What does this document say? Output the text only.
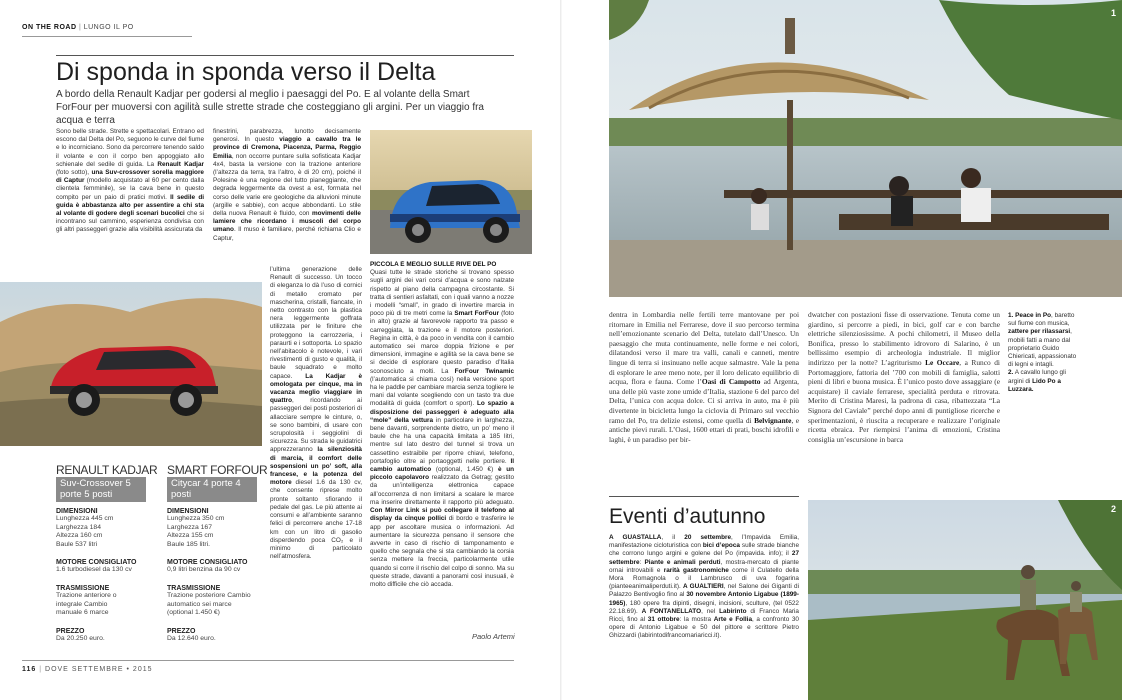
ON THE ROAD | LUNGO IL PO
Di sponda in sponda verso il Delta
A bordo della Renault Kadjar per godersi al meglio i paesaggi del Po. E al volante della Smart ForFour per muoversi con agilità sulle strette strade che costeggiano gli argini. Per un viaggio fra acqua e terra
Sono belle strade. Strette e spettacolari. Entrano ed escono dal Delta del Po, seguono le curve del fiume e lo incorniciano. Sono da percorrere tenendo saldo il volante e con il corpo ben appoggiato allo schienale del sedile di guida. La Renault Kadjar (foto sotto), una Suv-crossover sorella maggiore di Captur (modello acquistato al 60 per cento dalla clientela femminile), se la cava bene in questo compito per un paio di pratici motivi. Il sedile di guida è abbastanza alto per assentire a chi sta al volante di godere degli scenari bucolici che si incontrano sul cammino, esperienza condivisa con gli altri passeggeri grazie alla visibilità assicurata da
finestrini, parabrezza, lunotto decisamente generosi. In questo viaggio a cavallo tra le province di Cremona, Piacenza, Parma, Reggio Emilia, non occorre puntare sulla sofisticata Kadjar 4x4, basta la versione con la trazione anteriore (l’altezza da terra, tra l’altro, è di 20 cm), poiché il Polesine è una regione del tutto pianeggiante, che degrada leggermente da ovest a est, formata nel corso delle varie ere geologiche da alluvioni minute (argille e sabbie), con acque abbondanti. Lo stile della nuova Renault è fluido, con movimenti delle lamiere che ricordano i muscoli del corpo umano. Il muso è familiare, perché richiama Clio e Captur,
l’ultima generazione delle Renault di successo. Un tocco di eleganza lo dà l’uso di cornici di metallo cromato per mascherina, cristalli, fiancate, in netto contrasto con la plastica nera leggermente goffrata utilizzata per le finiture che proteggono la carrozzeria, i paraurti e i sottoporta. Lo spazio nell’abitacolo è notevole, i vari rivestimenti di gusto e qualità, il baule squadrato e molto capace. La Kadjar è omologata per cinque, ma in vacanza meglio viaggiare in quattro, ricordando ai passeggeri dei posti posteriori di allacciare sempre le cinture, o, se sono bambini, di usare con scrupolosità i seggiolini di sicurezza. Su strada le guidatrici apprezzeranno la silenziosità di marcia, il comfort delle sospensioni un po’ soft, alla francese, e la potenza del motore diesel 1.6 da 130 cv, che consente riprese molto pronte soltanto sfiorando il pedale del gas. Le più attente ai consumi e all’ambiente saranno felici di percorrere anche 17-18 km con un litro di gasolio disperdendo poca CO₂ e il minimo di particolato nell’atmosfera.
PICCOLA È MEGLIO SULLE RIVE DEL PO
Quasi tutte le strade storiche si trovano spesso sugli argini dei vari corsi d’acqua e sono nalzate rispetto al piano della campagna circostante. Si tratta di sentieri asfaltati, con i quali vanno a nozze i modelli “small”, in grado di invertire marcia in poco più di tre metri come la Smart ForFour (foto in alto) grazie al favorevole rapporto tra passo e carreggiata, la trazione e il motore posteriori. Regina in città, è da poco in vendita con il cambio automatico sei marce doppia frizione e per dimensioni, immagine e agilità se la cava bene se si decide di esplorare questo paradiso d’Italia sconosciuto a molti. La ForFour Twinamic (l’automatica si chiama così) nella versione sport ha le paddle per cambiare marcia senza togliere le mani dal volante scegliendo con un tasto tra due modalità di guida (comfort o sport). Lo spazio a disposizione dei passeggeri è adeguato alla “mole” della vettura in particolare in larghezza, bene davanti, sorprendente dietro, un po’ meno il baule che ha una capacità limitata a 185 litri, mentre sul lato destro del tunnel si trova un cassettino estraibile per riporre chiavi, telefono, portafoglio oltre ai portaoggetti nelle portiere. Il cambio automatico (optional, 1.450 €) è un piccolo capolavoro realizzato da Getrag; gestito da un’intelligenza elettronica capace all’occorrenza di non limitarsi a scalare le marce ma inserire direttamente il rapporto più adeguato. Con Mirror Link si può collegare il telefono al display da cinque pollici di bordo e trasferire le app per ascoltare musica o informazioni. Ad aumentare la sicurezza pensano il sensore che avverte in caso di rischio di tamponamento e quello che segnala che si sta cambiando la corsia senza mettere la freccia, particolarmente utile quando si corre il rischio del colpo di sonno. Ma su queste strade, davanti a panorami così inusuali, è molto difficile che ciò accada.
Paolo Artemi
RENAULT KADJAR
Suv-Crossover 5 porte 5 posti
DIMENSIONI
Lunghezza 445 cm
Larghezza 184
Altezza 160 cm
Baule 537 litri
MOTORE CONSIGLIATO
1.6 turbodiesel da 130 cv
TRASMISSIONE
Trazione anteriore o integrale Cambio manuale 6 marce
PREZZO
Da 20.250 euro.
SMART FORFOUR
Citycar 4 porte 4 posti
DIMENSIONI
Lunghezza 350 cm
Larghezza 167
Altezza 155 cm
Baule 185 litri.
MOTORE CONSIGLIATO
0,9 litri benzina da 90 cv
TRASMISSIONE
Trazione posteriore Cambio automatico sei marce (optional 1.450 €)
PREZZO
Da 12.640 euro.
116 | DOVE SETTEMBRE • 2015
1
dentra in Lombardia nelle fertili terre mantovane per poi ritornare in Emilia nel Ferrarese, dove il suo percorso termina nell’emozionante scenario del Delta, tutelato dall’Unesco. Un paesaggio che muta continuamente, nelle forme e nei colori, dilatandosi verso il mare tra valli, canali e canneti, mentre lingue di terra si insinuano nelle acque salmastre. Vale la pena di esplorare le aree meno note, per il loro delicato equilibrio di acqua, flora e fauna. Come l’Oasi di Campotto ad Argenta, una delle più vaste zone umide d’Italia, stazione 6 del parco del Delta, l’unica con acqua dolce. Ci si arriva in auto, ma è più divertente in bicicletta lungo la ciclovia di Primaro sul vecchio ramo del Po, tra delizie estensi, come quella di Belvignante, e antiche pievi rurali. L’Oasi, 1600 ettari di prati, boschi idrofili e laghi, è un paradiso per bir-
dwatcher con postazioni fisse di osservazione. Tenuta come un giardino, si percorre a piedi, in bici, golf car e con barche elettriche silenziosissime. A pochi chilometri, il Museo della Bonifica, presso lo stabilimento idrovoro di Salarino, è un bellissimo esempio di archeologia industriale. Il miglior indirizzo per la notte? L’agriturismo Le Occare, a Runco di Portomaggiore, fattoria del ’700 con mobili di famiglia, salotti pieni di libri e buona musica. È l’unico posto dove assaggiare (e acquistare) il caviale ferrarese, specialità perduta e ritrovata. Merito di Cristina Maresi, la padrona di casa, ribattezzata “La Signora del Caviale” perché dopo anni di puntigliose ricerche e sperimentazioni, è riuscita a recuperare e realizzare l’originale ricetta ebraica. Per riempirsi l’anima di emozioni, Cristina consiglia un’escursione in barca
1. Peace in Po, baretto sul fiume con musica, zattere per rilassarsi, mobili fatti a mano dal proprietario Guido Chiericati, appassionato di legni e intagli.
2. A cavallo lungo gli argini di Lido Po a Luzzara.
Eventi d’autunno
A GUASTALLA, il 20 settembre, l’Impavida Emilia, manifestazione cicloturistica con bici d’epoca sulle strade bianche che corrono lungo argini e golene del Po (impavida. info); il 27 settembre: Piante e animali perduti, mostra-mercato di piante ornai introvabili e rarità gastronomiche come il Culatello della Mora Romagnola o il Lambrusco di uva fogarina (pianteeanimaliperduti.it). A GUALTIERI, nel Salone dei Giganti di Palazzo Bentivoglio fino al 30 novembre Antonio Ligabue (1899-1965), 180 opere fra dipinti, disegni, incisioni, sculture, (tel 0522 22.18.69). A FONTANELLATO, nel Labirinto di Franco Maria Ricci, fino al 31 ottobre: la mostra Arte e Follia, a confronto 30 opere di Antonio Ligabue e 50 del pittore e scrittore Pietro Ghizzardi (labirintodifrancomariaricci.it).
2
